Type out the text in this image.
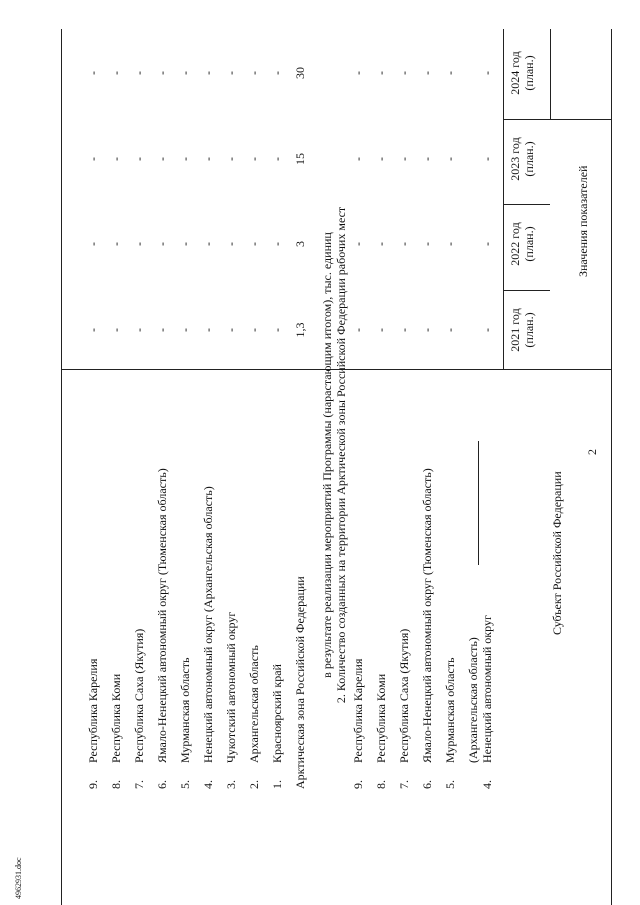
2
4962931.doc
Субъект Российской Федерации
Значения показателей
2021 год (план.)
2022 год (план.)
2023 год (план.)
2024 год (план.)
4.
Ненецкий автономный округ
(Архангельская область)
-
-
-
-
5.
Мурманская область
-
-
-
-
6.
Ямало-Ненецкий автономный округ (Тюменская область)
-
-
-
-
7.
Республика Саха (Якутия)
-
-
-
-
8.
Республика Коми
-
-
-
-
9.
Республика Карелия
-
-
-
-
2. Количество созданных на территории Арктической зоны Российской Федерации рабочих мест
в результате реализации мероприятий Программы (нарастающим итогом), тыс. единиц
Арктическая зона Российской Федерации
1,3
3
15
30
1.
Красноярский край
-
-
-
-
2.
Архангельская область
-
-
-
-
3.
Чукотский автономный округ
-
-
-
-
4.
Ненецкий автономный округ (Архангельская область)
-
-
-
-
5.
Мурманская область
-
-
-
-
6.
Ямало-Ненецкий автономный округ (Тюменская область)
-
-
-
-
7.
Республика Саха (Якутия)
-
-
-
-
8.
Республика Коми
-
-
-
-
9.
Республика Карелия
-
-
-
-
